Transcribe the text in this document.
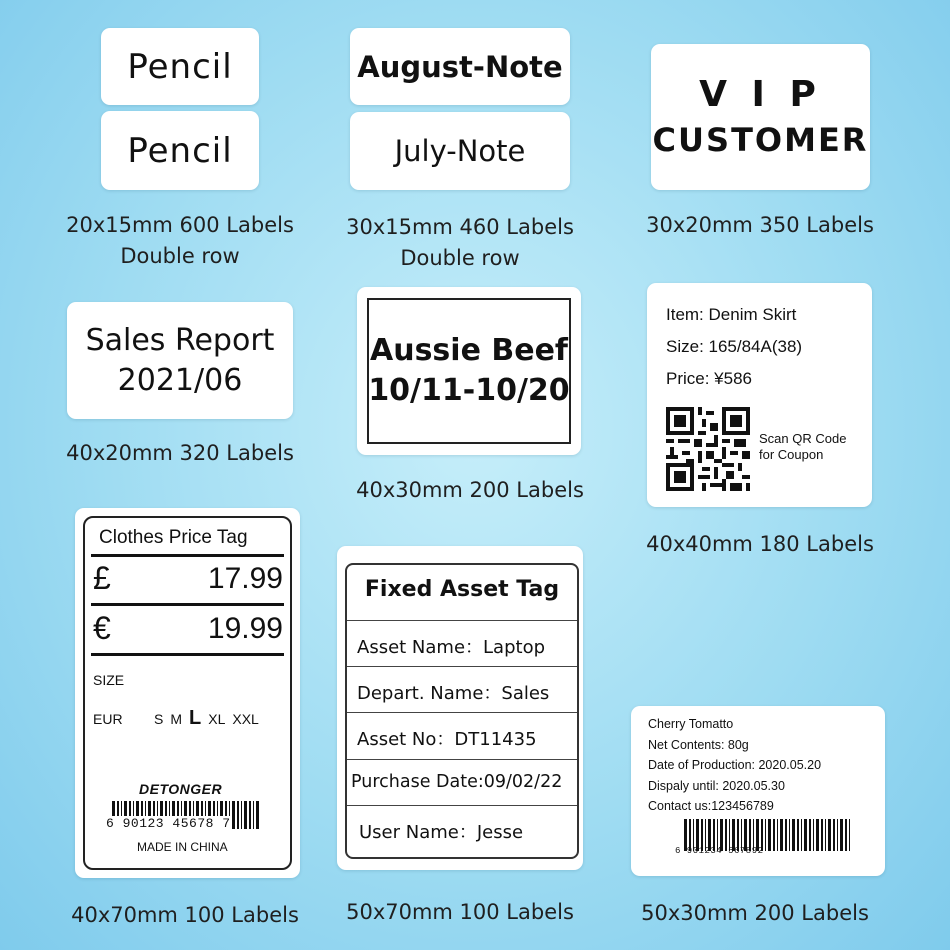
Pencil
Pencil
20x15mm 600 Labels
Double row
August-Note
July-Note
30x15mm 460 Labels
Double row
V I P
CUSTOMER
30x20mm 350 Labels
Sales Report
2021/06
40x20mm 320 Labels
Aussie Beef
10/11-10/20
40x30mm 200 Labels
Item: Denim Skirt
Size: 165/84A(38)
Price: ¥586
Scan QR Code
for Coupon
40x40mm 180 Labels
Clothes Price Tag
£	17.99
€	19.99
SIZE
EUR S M L XL XXL
DETONGER
6 90123 45678 7
MADE IN CHINA
40x70mm 100 Labels
Fixed Asset Tag
Asset Name：Laptop
Depart. Name：Sales
Asset No：DT11435
Purchase Date:09/02/22
User Name：Jesse
50x70mm 100 Labels
Cherry Tomatto
Net Contents: 80g
Date of Production: 2020.05.20
Dispaly until: 2020.05.30
Contact us:123456789
6 901234 567892
50x30mm 200 Labels
